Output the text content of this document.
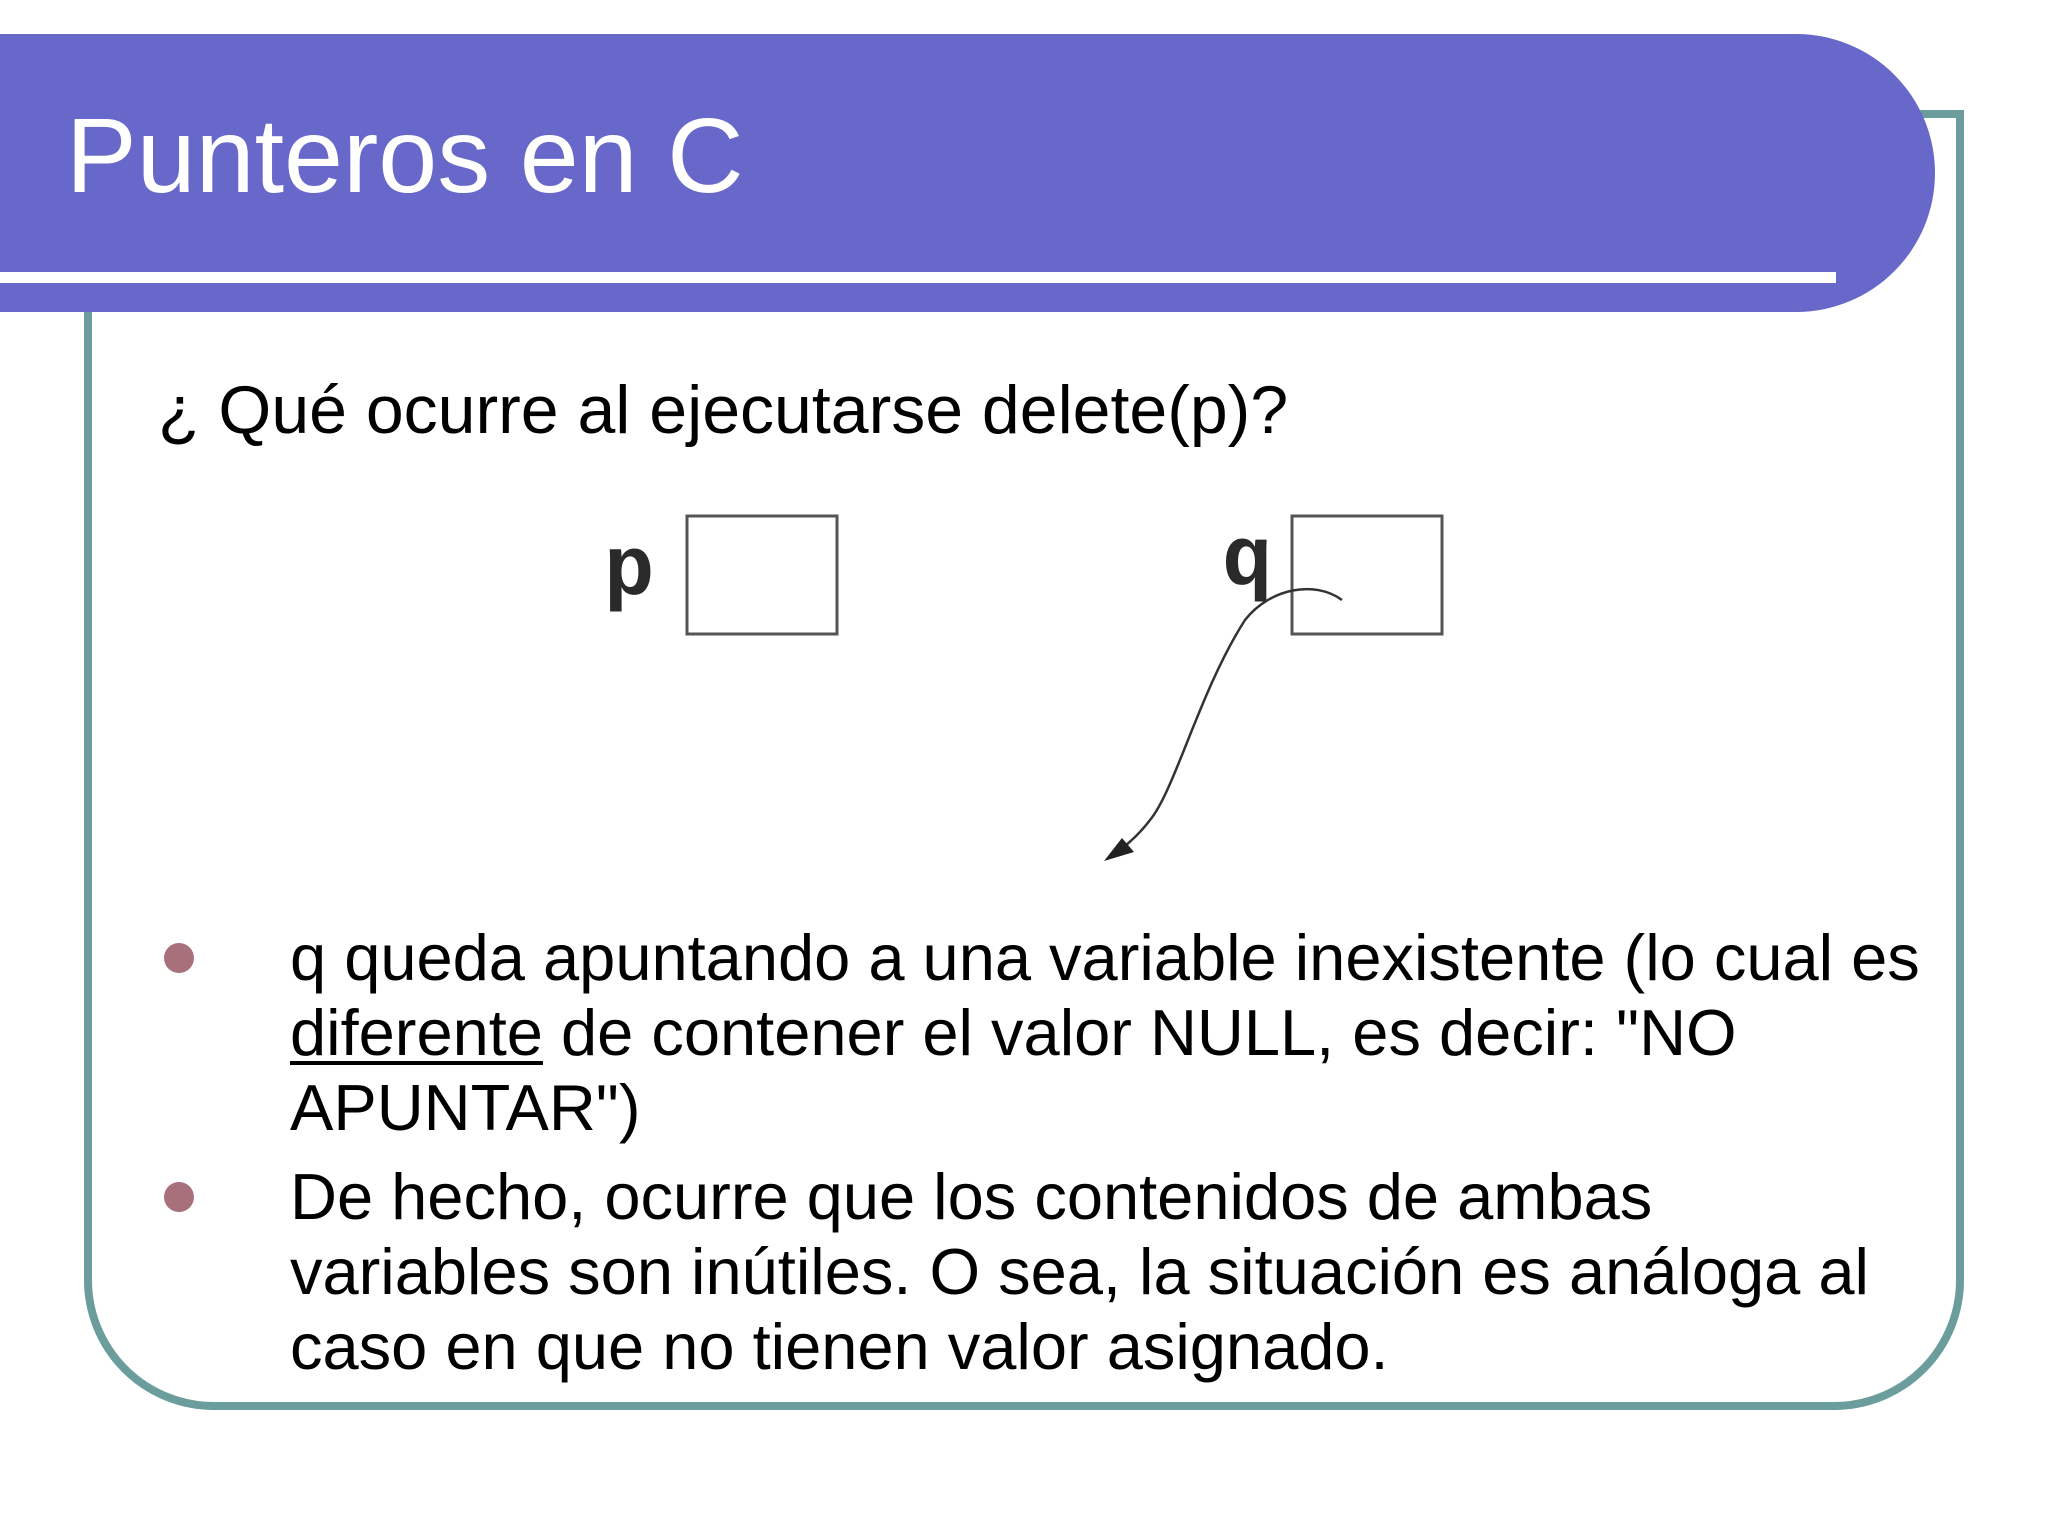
Punteros en C

¿ Qué ocurre al ejecutarse delete(p)?

p	q
q queda apuntando a una variable inexistente (lo cual es diferente de contener el valor NULL, es decir: "NO APUNTAR")
De hecho, ocurre que los contenidos de ambas variables son inútiles. O sea, la situación es análoga al caso en que no tienen valor asignado.
